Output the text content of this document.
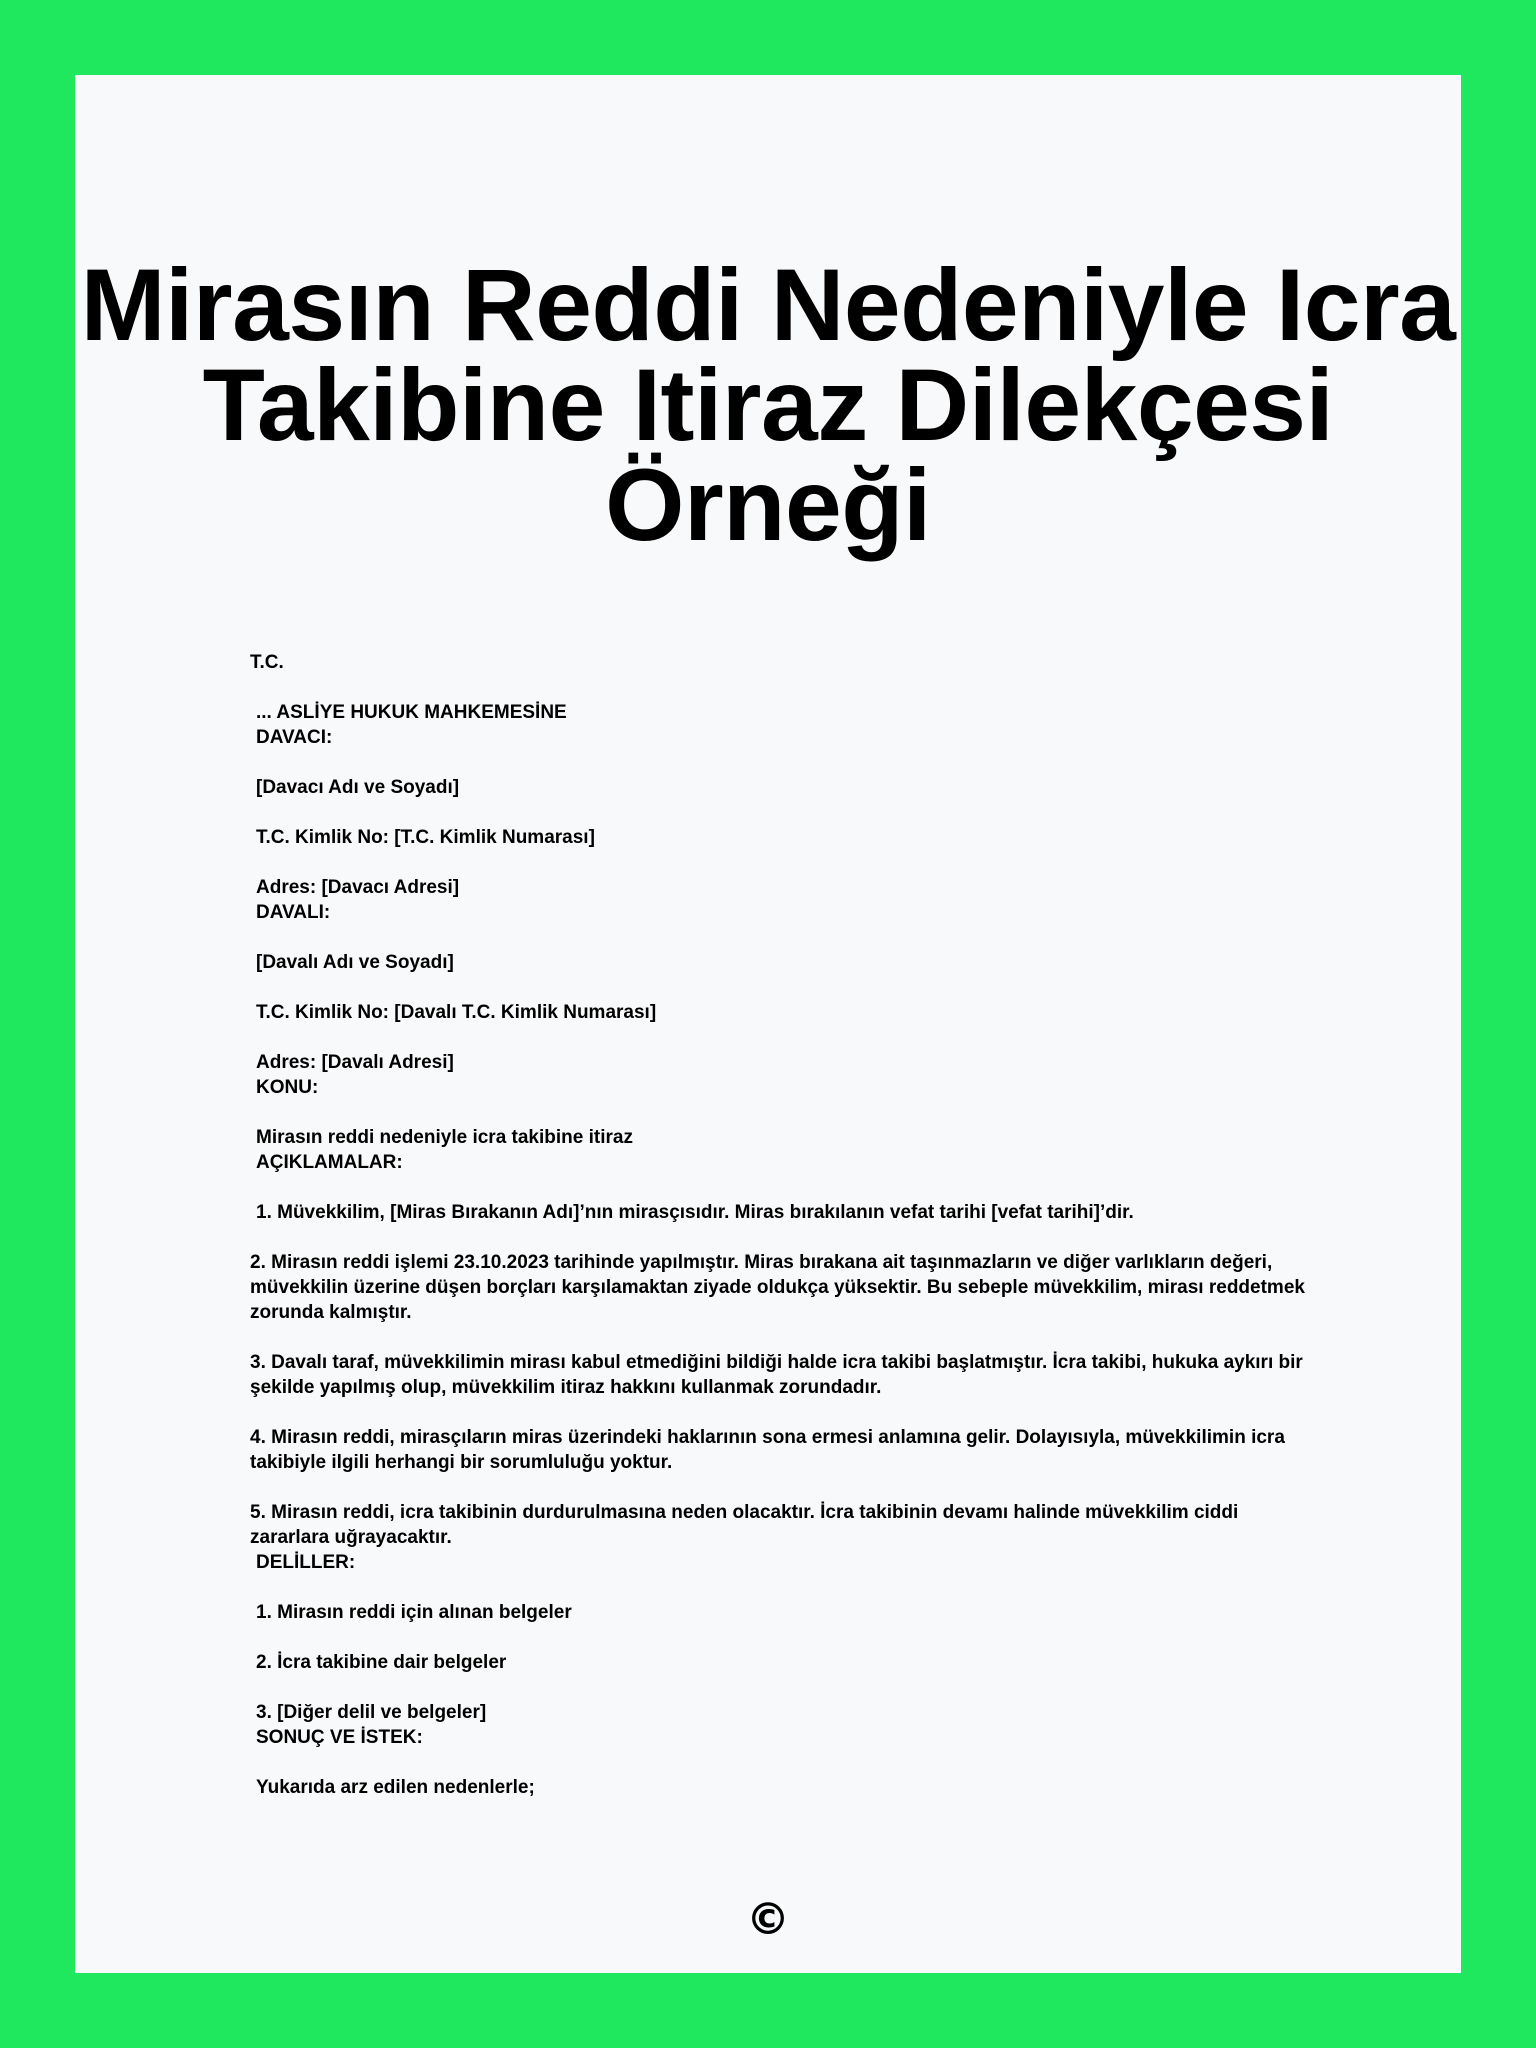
Mirasın Reddi Nedeniyle Icra
Takibine Itiraz Dilekçesi
Örneği

T.C.

... ASLİYE HUKUK MAHKEMESİNE

DAVACI:

[Davacı Adı ve Soyadı]

T.C. Kimlik No: [T.C. Kimlik Numarası]

Adres: [Davacı Adresi]

DAVALI:

[Davalı Adı ve Soyadı]

T.C. Kimlik No: [Davalı T.C. Kimlik Numarası]

Adres: [Davalı Adresi]

KONU:

Mirasın reddi nedeniyle icra takibine itiraz

AÇIKLAMALAR:

1. Müvekkilim, [Miras Bırakanın Adı]’nın mirasçısıdır. Miras bırakılanın vefat tarihi [vefat tarihi]’dir.

2. Mirasın reddi işlemi 23.10.2023 tarihinde yapılmıştır. Miras bırakana ait taşınmazların ve diğer varlıkların değeri, müvekkilin üzerine düşen borçları karşılamaktan ziyade oldukça yüksektir. Bu sebeple müvekkilim, mirası reddetmek zorunda kalmıştır.

3. Davalı taraf, müvekkilimin mirası kabul etmediğini bildiği halde icra takibi başlatmıştır. İcra takibi, hukuka aykırı bir şekilde yapılmış olup, müvekkilim itiraz hakkını kullanmak zorundadır.

4. Mirasın reddi, mirasçıların miras üzerindeki haklarının sona ermesi anlamına gelir. Dolayısıyla, müvekkilimin icra takibiyle ilgili herhangi bir sorumluluğu yoktur.

5. Mirasın reddi, icra takibinin durdurulmasına neden olacaktır. İcra takibinin devamı halinde müvekkilim ciddi zararlara uğrayacaktır.

DELİLLER:

1. Mirasın reddi için alınan belgeler

2. İcra takibine dair belgeler

3. [Diğer delil ve belgeler]

SONUÇ VE İSTEK:

Yukarıda arz edilen nedenlerle;

©
